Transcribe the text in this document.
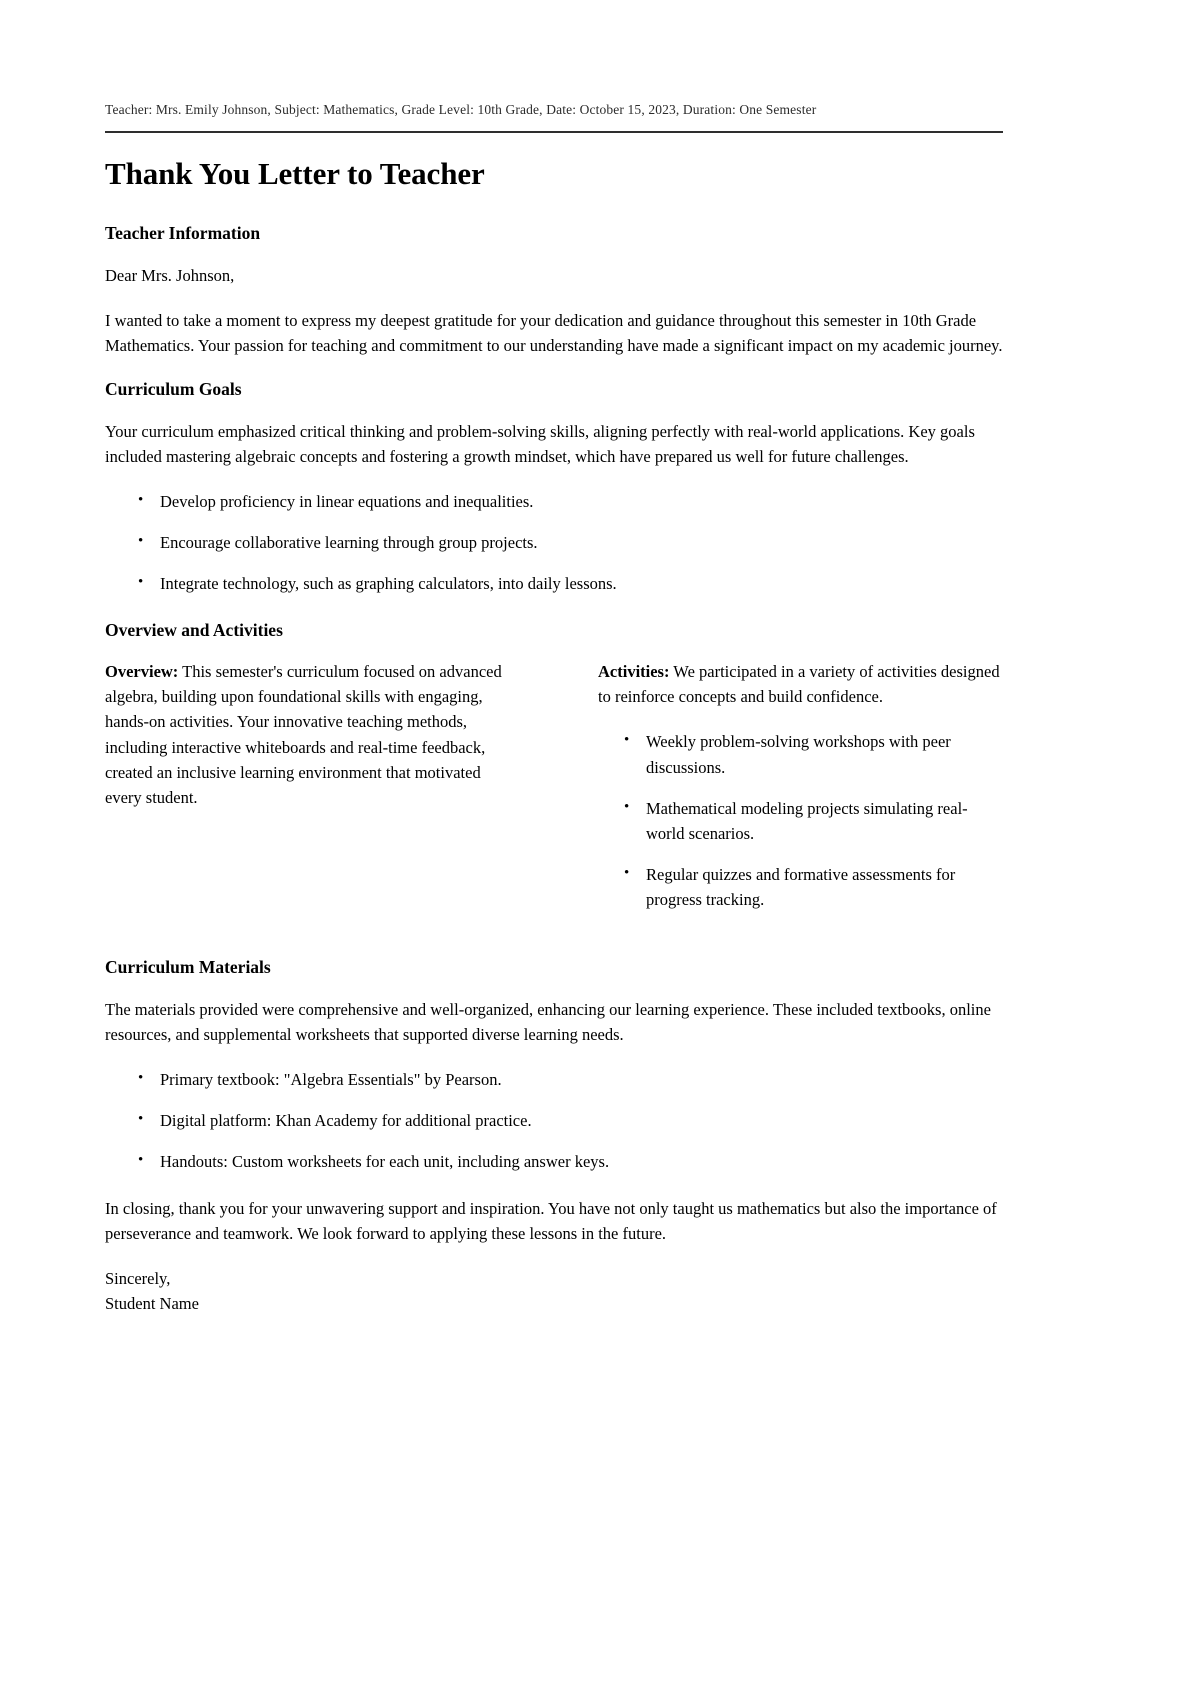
Teacher: Mrs. Emily Johnson, Subject: Mathematics, Grade Level: 10th Grade, Date: October 15, 2023, Duration: One Semester

Thank You Letter to Teacher
Teacher Information

Dear Mrs. Johnson,

I wanted to take a moment to express my deepest gratitude for your dedication and guidance throughout this semester in 10th Grade Mathematics. Your passion for teaching and commitment to our understanding have made a significant impact on my academic journey.

Curriculum Goals

Your curriculum emphasized critical thinking and problem-solving skills, aligning perfectly with real-world applications. Key goals included mastering algebraic concepts and fostering a growth mindset, which have prepared us well for future challenges.

• Develop proficiency in linear equations and inequalities.
• Encourage collaborative learning through group projects.
• Integrate technology, such as graphing calculators, into daily lessons.
Overview and Activities

Overview: This semester's curriculum focused on advanced algebra, building upon foundational skills with engaging, hands-on activities. Your innovative teaching methods, including interactive whiteboards and real-time feedback, created an inclusive learning environment that motivated every student.

Activities: We participated in a variety of activities designed to reinforce concepts and build confidence.

• Weekly problem-solving workshops with peer discussions.
• Mathematical modeling projects simulating real-world scenarios.
• Regular quizzes and formative assessments for progress tracking.
Curriculum Materials

The materials provided were comprehensive and well-organized, enhancing our learning experience. These included textbooks, online resources, and supplemental worksheets that supported diverse learning needs.

• Primary textbook: "Algebra Essentials" by Pearson.
• Digital platform: Khan Academy for additional practice.
• Handouts: Custom worksheets for each unit, including answer keys.

In closing, thank you for your unwavering support and inspiration. You have not only taught us mathematics but also the importance of perseverance and teamwork. We look forward to applying these lessons in the future.

Sincerely,
Student Name
